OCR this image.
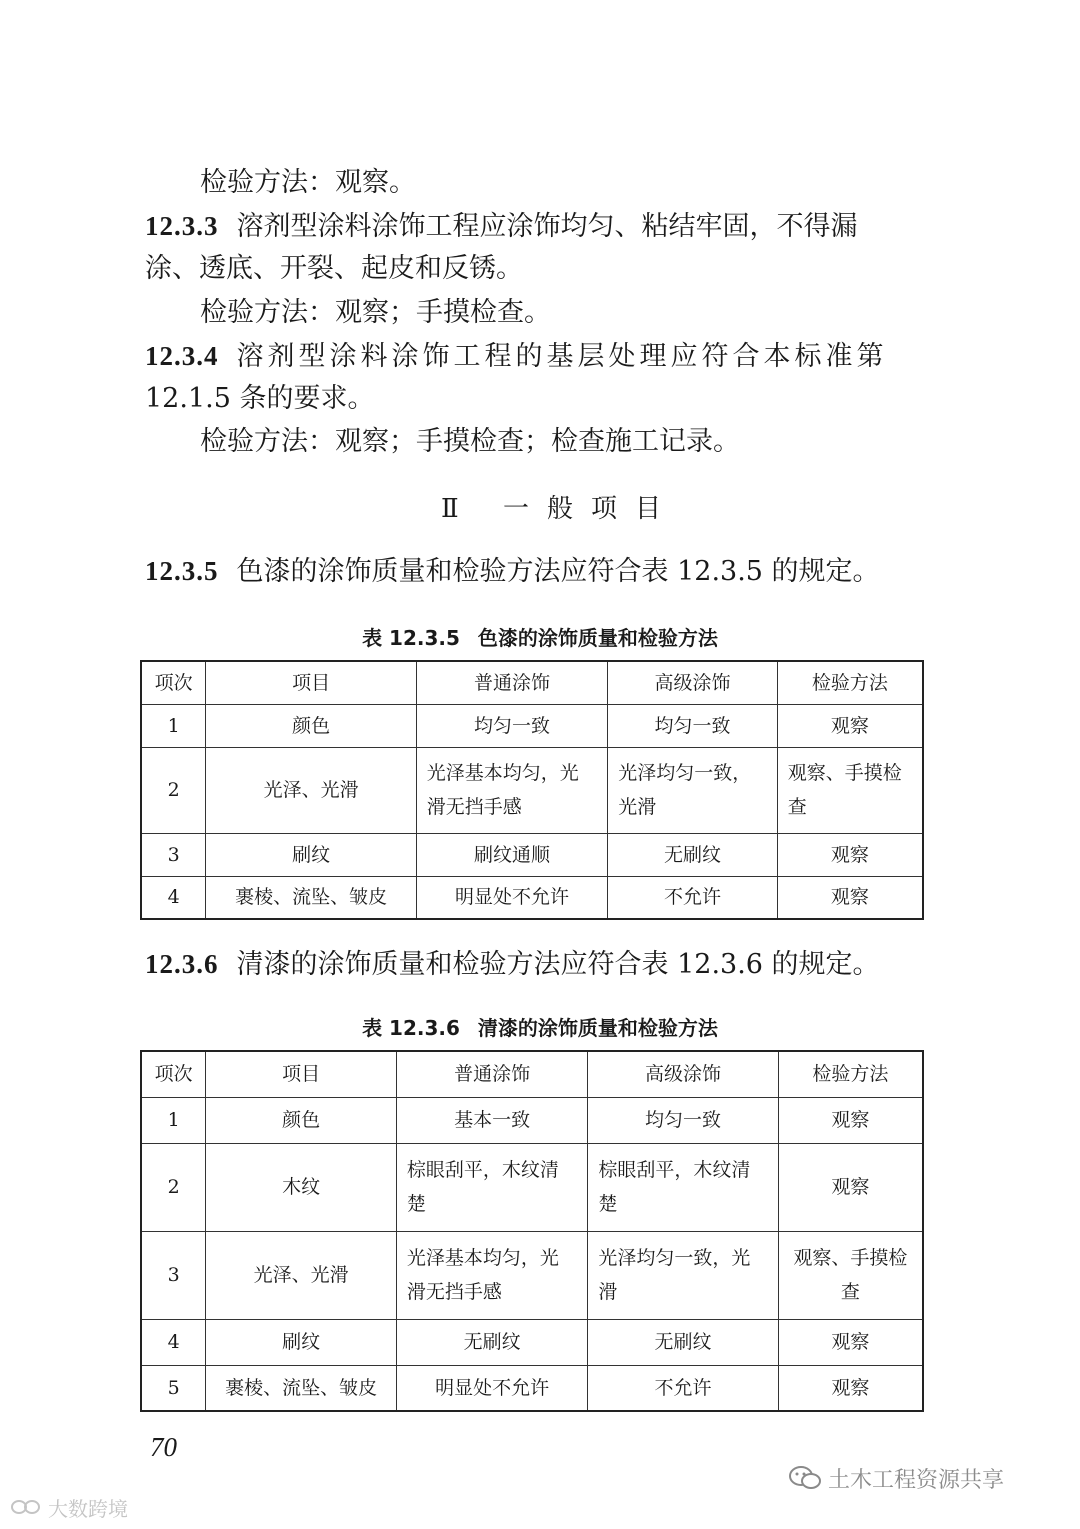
检验方法：观察。
12.3.3 溶剂型涂料涂饰工程应涂饰均匀、粘结牢固，不得漏
涂、透底、开裂、起皮和反锈。
检验方法：观察；手摸检查。
12.3.4 溶剂型涂料涂饰工程的基层处理应符合本标准第
12.1.5 条的要求。
检验方法：观察；手摸检查；检查施工记录。
Ⅱ 一般项目
12.3.5 色漆的涂饰质量和检验方法应符合表 12.3.5 的规定。
表 12.3.5 色漆的涂饰质量和检验方法
项次	项目	普通涂饰	高级涂饰	检验方法
1	颜色	均匀一致	均匀一致	观察
2	光泽、光滑	光泽基本均匀，光滑无挡手感	光泽均匀一致，光滑	观察、手摸检查
3	刷纹	刷纹通顺	无刷纹	观察
4	裹棱、流坠、皱皮	明显处不允许	不允许	观察
12.3.6 清漆的涂饰质量和检验方法应符合表 12.3.6 的规定。
表 12.3.6 清漆的涂饰质量和检验方法
项次	项目	普通涂饰	高级涂饰	检验方法
1	颜色	基本一致	均匀一致	观察
2	木纹	棕眼刮平，木纹清楚	棕眼刮平，木纹清楚	观察
3	光泽、光滑	光泽基本均匀，光滑无挡手感	光泽均匀一致，光滑	观察、手摸检查
4	刷纹	无刷纹	无刷纹	观察
5	裹棱、流坠、皱皮	明显处不允许	不允许	观察
70
大数跨境
土木工程资源共享
